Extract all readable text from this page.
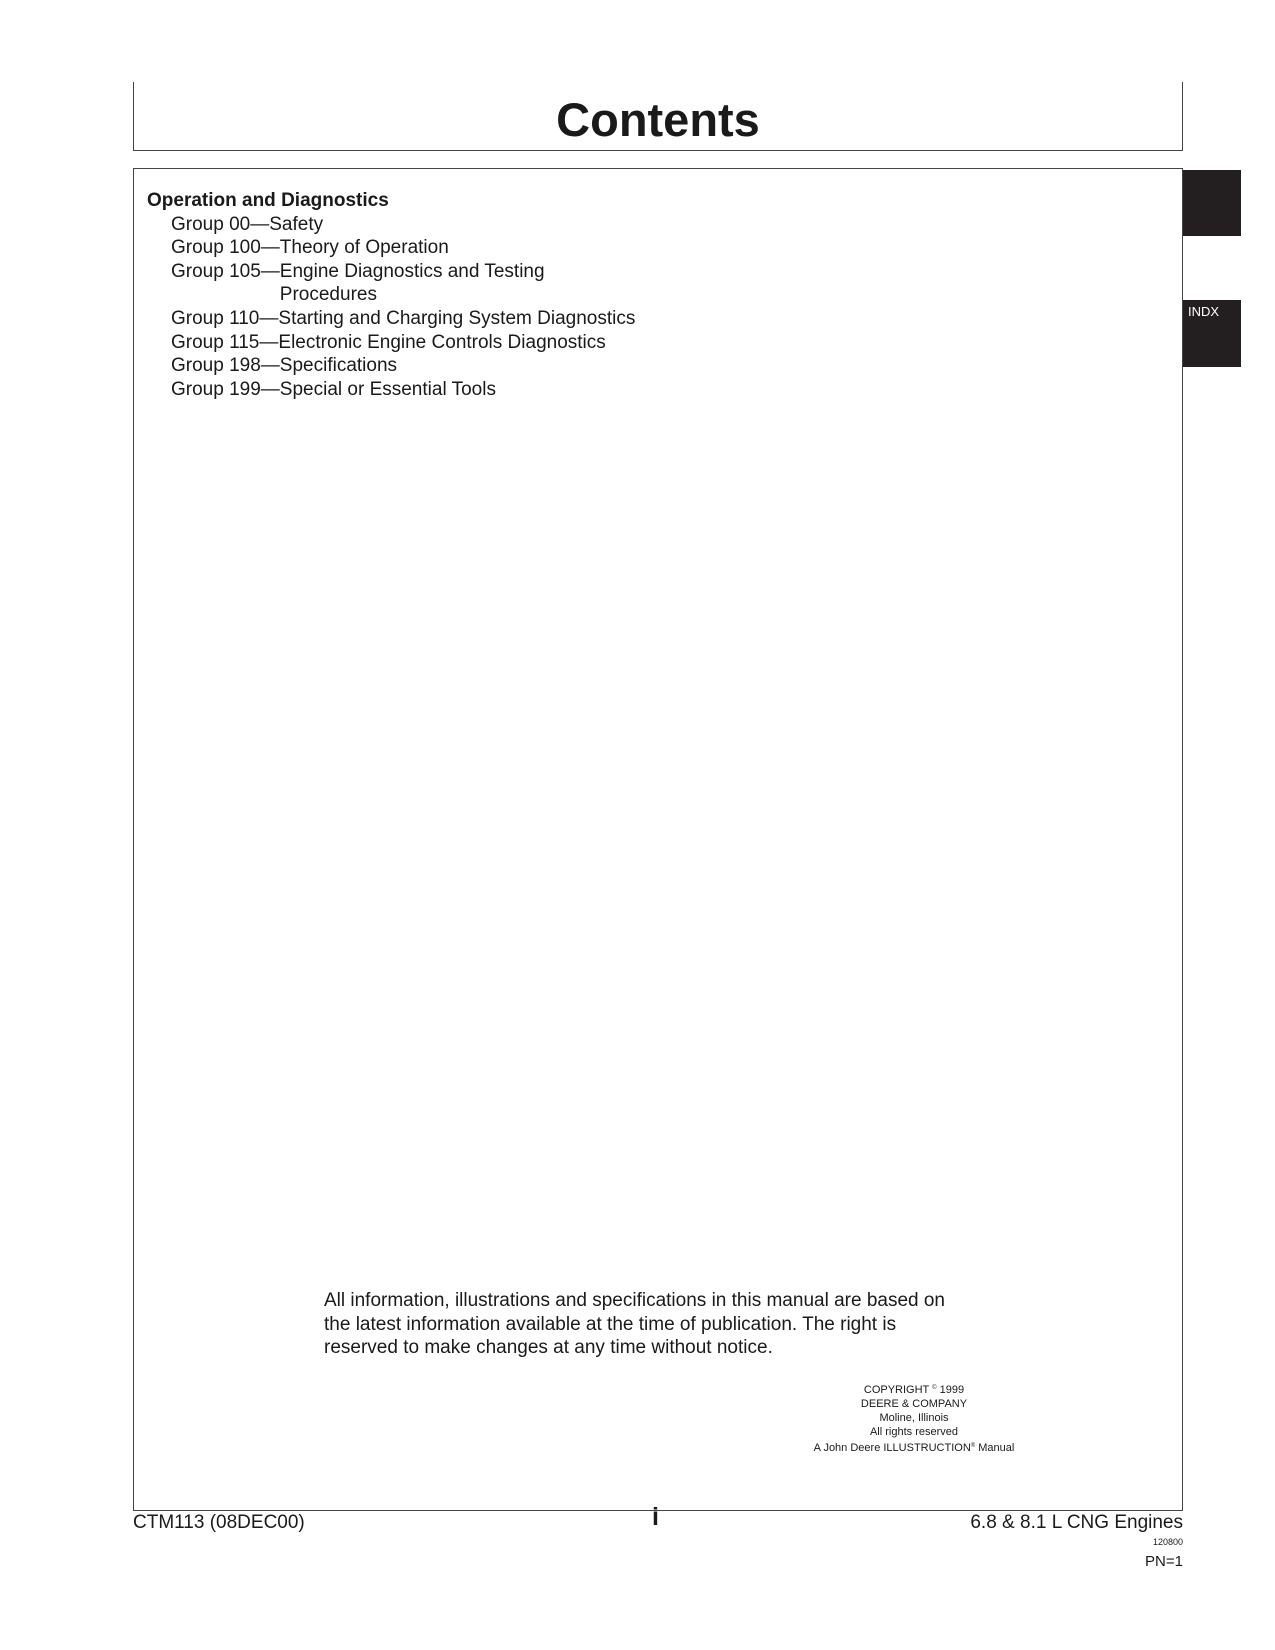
Contents
Operation and Diagnostics
Group 00— Safety
Group 100— Theory of Operation
Group 105— Engine Diagnostics and Testing Procedures
Group 110— Starting and Charging System Diagnostics
Group 115— Electronic Engine Controls Diagnostics
Group 198— Specifications
Group 199— Special or Essential Tools
All information, illustrations and specifications in this manual are based on
the latest information available at the time of publication. The right is
reserved to make changes at any time without notice.
COPYRIGHT © 1999
DEERE & COMPANY
Moline, Illinois
All rights reserved
A John Deere ILLUSTRUCTION® Manual
INDX
CTM113 (08DEC00)	i	6.8 & 8.1 L CNG Engines
120800
PN=1
